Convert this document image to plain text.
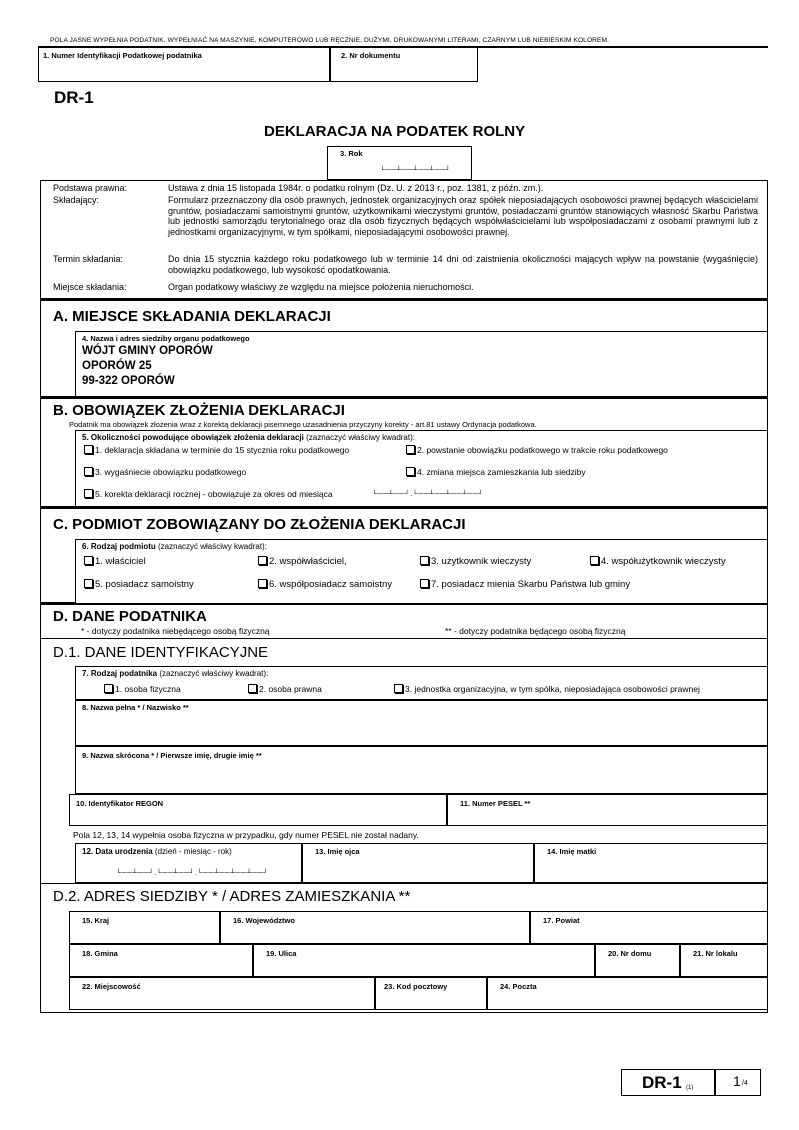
POLA JASNE WYPEŁNIA PODATNIK. WYPEŁNIAĆ NA MASZYNIE, KOMPUTEROWO LUB RĘCZNIE, DUŻYMI, DRUKOWANYMI LITERAMI, CZARNYM LUB NIEBIESKIM KOLOREM.
1. Numer Identyfikacji Podatkowej podatnika	2. Nr dokumentu
DR-1
DEKLARACJA NA PODATEK ROLNY
3. Rok
└──┴──┴──┴──┘
Podstawa prawna:	Ustawa z dnia 15 listopada 1984r. o podatku rolnym (Dz. U. z 2013 r., poz. 1381, z późn. zm.).
Składający:	Formularz przeznaczony dla osób prawnych, jednostek organizacyjnych oraz spółek nieposiadających osobowości prawnej będących właścicielami gruntów, posiadaczami samoistnymi gruntów, użytkownikami wieczystymi gruntów, posiadaczami gruntów stanowiących własność Skarbu Państwa lub jednostki samorządu terytorialnego oraz dla osób fizycznych będących współwłaścicielami lub współposiadaczami z osobami prawnymi lub z jednostkami organizacyjnymi, w tym spółkami, nieposiadającymi osobowości prawnej.
Termin składania:	Do dnia 15 stycznia każdego roku podatkowego lub w terminie 14 dni od zaistnienia okoliczności mających wpływ na powstanie (wygaśnięcie) obowiązku podatkowego, lub wysokość opodatkowania.
Miejsce składania:	Organ podatkowy właściwy ze względu na miejsce położenia nieruchomości.
A. MIEJSCE SKŁADANIA DEKLARACJI
4. Nazwa i adres siedziby organu podatkowego
WÓJT GMINY OPORÓW
OPORÓW 25
99-322 OPORÓW
B. OBOWIĄZEK ZŁOŻENIA DEKLARACJI
Podatnik ma obowiązek złożenia wraz z korektą deklaracji pisemnego uzasadnienia przyczyny korekty - art.81 ustawy Ordynacja podatkowa.
5. Okoliczności powodujące obowiązek złożenia deklaracji (zaznaczyć właściwy kwadrat):
1. deklaracja składana w terminie do 15 stycznia roku podatkowego	2. powstanie obowiązku podatkowego w trakcie roku podatkowego
3. wygaśniecie obowiązku podatkowego	4. zmiana miejsca zamieszkania lub siedziby
5. korekta deklaracji rocznej - obowiązuje za okres od miesiąca	└──┴──┘.└──┴──┴──┴──┘
C. PODMIOT ZOBOWIĄZANY DO ZŁOŻENIA DEKLARACJI
6. Rodzaj podmiotu (zaznaczyć właściwy kwadrat):
1. właściciel	2. współwłaściciel,	3. użytkownik wieczysty	4. współużytkownik wieczysty
5. posiadacz samoistny	6. współposiadacz samoistny	7. posiadacz mienia Skarbu Państwa lub gminy
D. DANE PODATNIKA
* - dotyczy podatnika niebędącego osobą fizyczną	** - dotyczy podatnika będącego osobą fizyczną
D.1. DANE IDENTYFIKACYJNE
7. Rodzaj podatnika (zaznaczyć właściwy kwadrat):
1. osoba fizyczna	2. osoba prawna	3. jednostka organizacyjna, w tym spółka, nieposiadająca osobowości prawnej
8. Nazwa pełna * / Nazwisko **
9. Nazwa skrócona * / Pierwsze imię, drugie imię **
10. Identyfikator REGON	11. Numer PESEL **
Pola 12, 13, 14 wypełnia osoba fizyczna w przypadku, gdy numer PESEL nie został nadany.
12. Data urodzenia (dzień - miesiąc - rok)
└──┴──┘.└──┴──┘.└──┴──┴──┴──┘
13. Imię ojca	14. Imię matki
D.2. ADRES SIEDZIBY * / ADRES ZAMIESZKANIA **
15. Kraj	16. Województwo	17. Powiat
18. Gmina	19. Ulica	20. Nr domu	21. Nr lokalu
22. Miejscowość	23. Kod pocztowy	24. Poczta
DR-1 (1)	1 /4
